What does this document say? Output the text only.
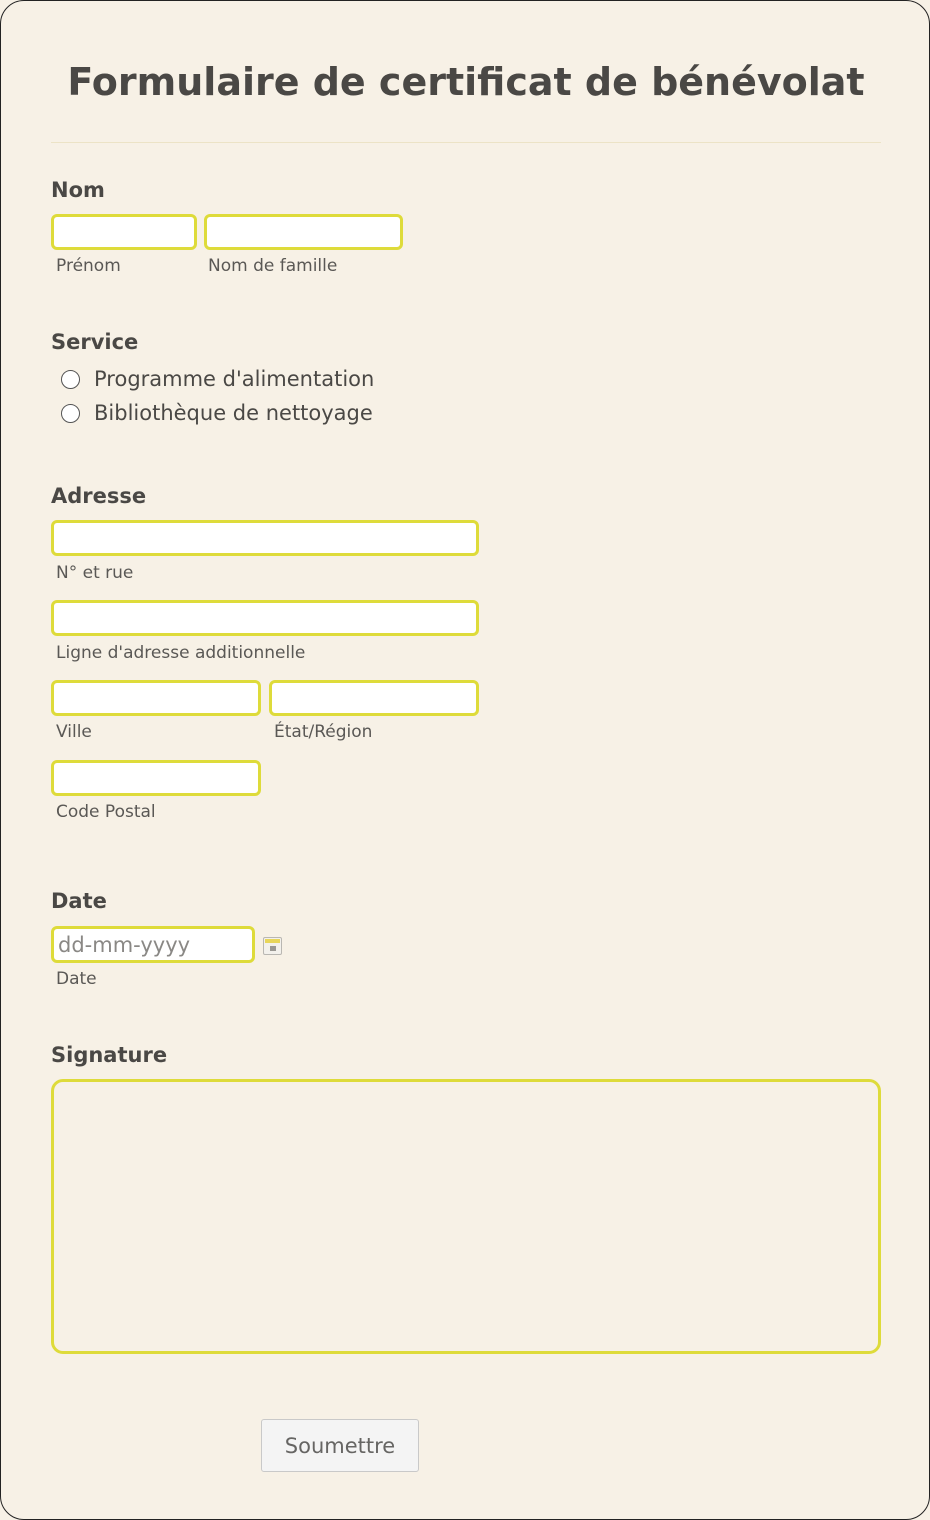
Formulaire de certificat de bénévolat
Nom
Prénom	Nom de famille
Service
Programme d'alimentation
Bibliothèque de nettoyage
Adresse
N° et rue
Ligne d'adresse additionnelle
Ville	État/Région
Code Postal
Date
dd-mm-yyyy
Date
Signature
Soumettre
